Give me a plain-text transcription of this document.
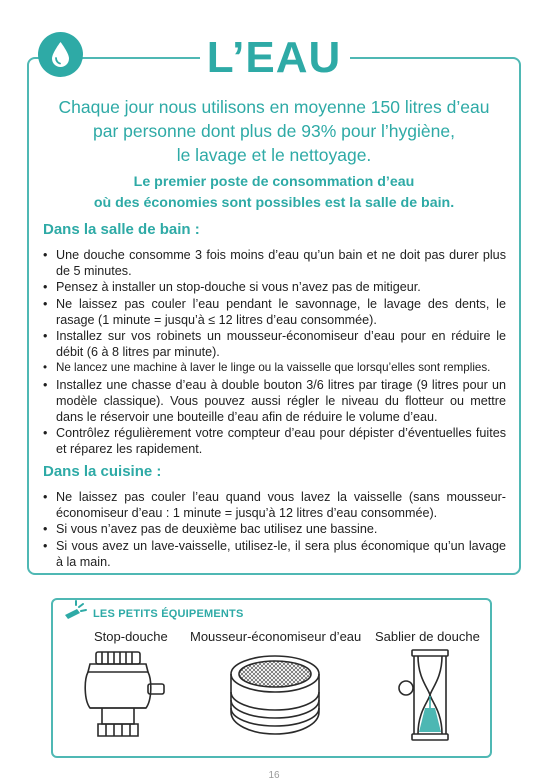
L’EAU
Chaque jour nous utilisons en moyenne 150 litres d’eau
par personne dont plus de 93% pour l’hygiène,
le lavage et le nettoyage.
Le premier poste de consommation d’eau
où des économies sont possibles est la salle de bain.
Dans la salle de bain :
• Une douche consomme 3 fois moins d’eau qu’un bain et ne doit pas durer plus de 5 minutes.
• Pensez à installer un stop-douche si vous n’avez pas de mitigeur.
• Ne laissez pas couler l’eau pendant le savonnage, le lavage des dents, le rasage (1 minute = jusqu’à ≤ 12 litres d’eau consommée).
• Installez sur vos robinets un mousseur-économiseur d’eau pour en réduire le débit (6 à 8 litres par minute).
• Ne lancez une machine à laver le linge ou la vaisselle que lorsqu’elles sont remplies.
• Installez une chasse d’eau à double bouton 3/6 litres par tirage (9 litres pour un modèle classique). Vous pouvez aussi régler le niveau du flotteur ou mettre dans le réservoir une bouteille d’eau afin de réduire le volume d’eau.
• Contrôlez régulièrement votre compteur d’eau pour dépister d’éventuelles fuites et réparez les rapidement.
Dans la cuisine :
• Ne laissez pas couler l’eau quand vous lavez la vaisselle (sans mousseur-économiseur d’eau : 1 minute = jusqu’à 12 litres d’eau consommée).
• Si vous n’avez pas de deuxième bac utilisez une bassine.
• Si vous avez un lave-vaisselle, utilisez-le, il sera plus économique qu’un lavage à la main.
LES PETITS ÉQUIPEMENTS
Stop-douche Mousseur-économiseur d’eau Sablier de douche
16
